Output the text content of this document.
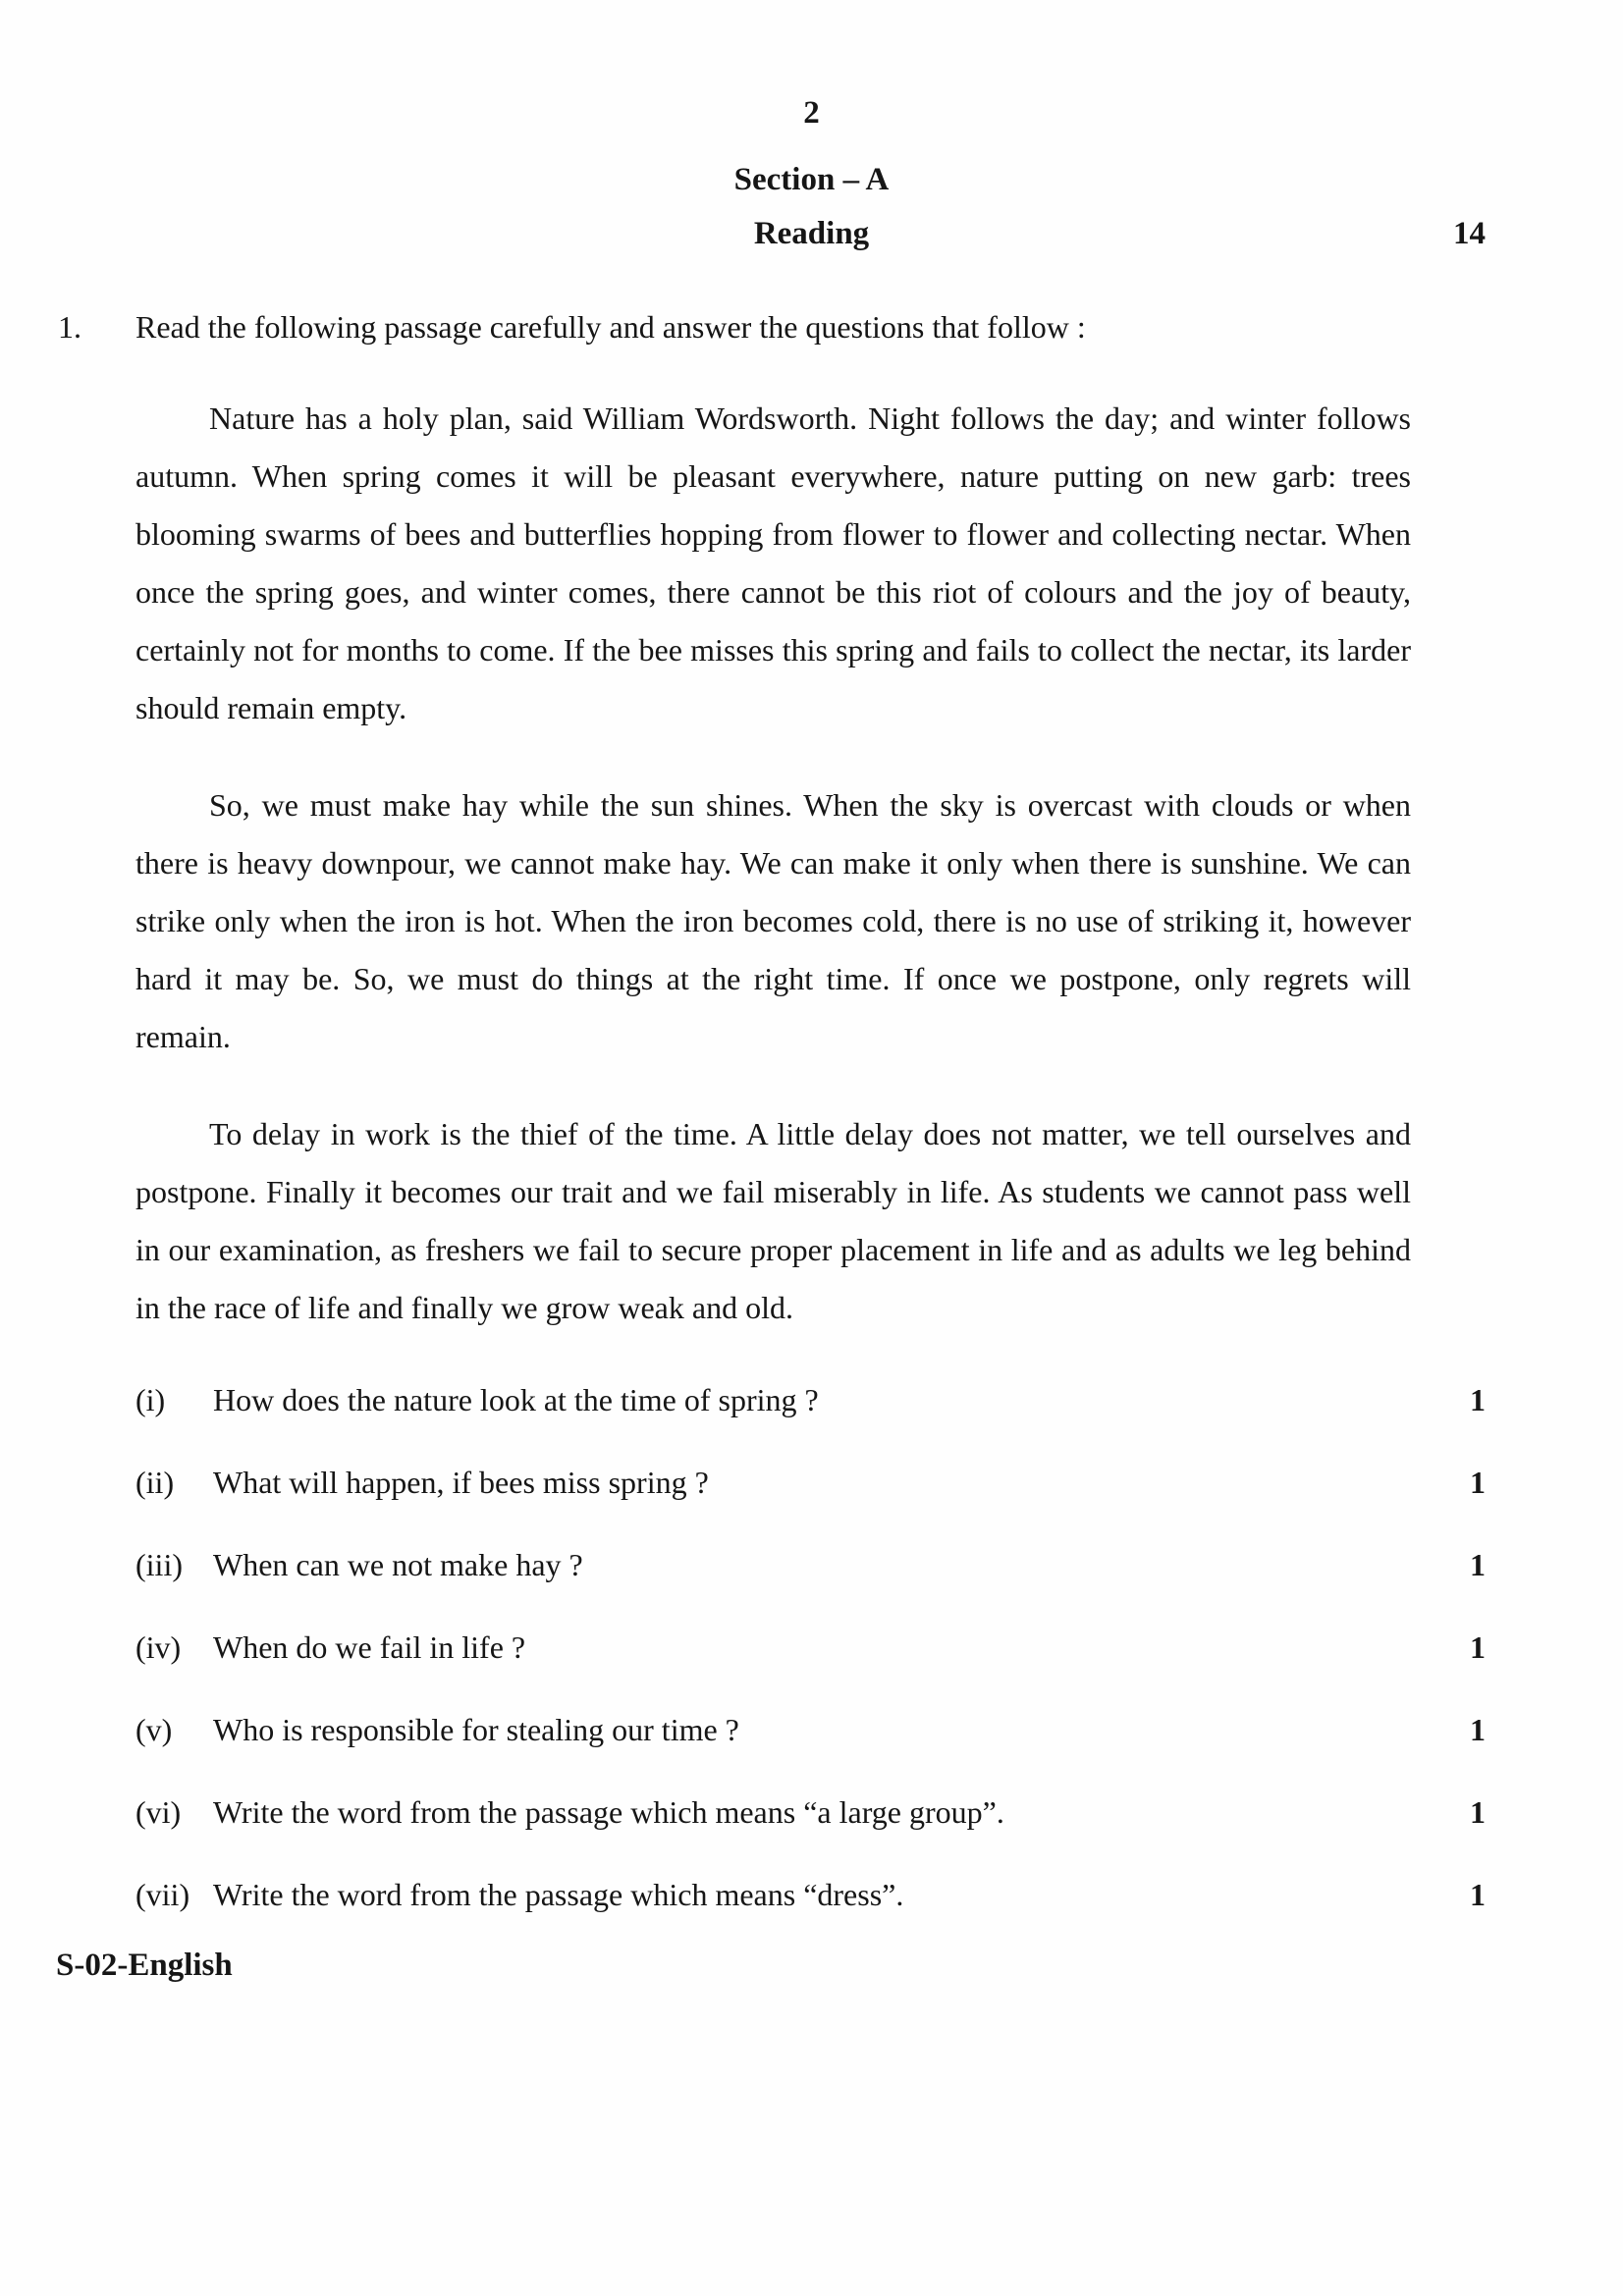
2
Section – A
Reading	14
1.	Read the following passage carefully and answer the questions that follow :

Nature has a holy plan, said William Wordsworth. Night follows the day; and winter follows autumn. When spring comes it will be pleasant everywhere, nature putting on new garb: trees blooming swarms of bees and butterflies hopping from flower to flower and collecting nectar. When once the spring goes, and winter comes, there cannot be this riot of colours and the joy of beauty, certainly not for months to come. If the bee misses this spring and fails to collect the nectar, its larder should remain empty.

So, we must make hay while the sun shines. When the sky is overcast with clouds or when there is heavy downpour, we cannot make hay. We can make it only when there is sunshine. We can strike only when the iron is hot. When the iron becomes cold, there is no use of striking it, however hard it may be. So, we must do things at the right time. If once we postpone, only regrets will remain.

To delay in work is the thief of the time. A little delay does not matter, we tell ourselves and postpone. Finally it becomes our trait and we fail miserably in life. As students we cannot pass well in our examination, as freshers we fail to secure proper placement in life and as adults we leg behind in the race of life and finally we grow weak and old.

(i)	How does the nature look at the time of spring ?	1
(ii)	What will happen, if bees miss spring ?	1
(iii) When can we not make hay ?	1
(iv)	When do we fail in life ?	1
(v)	Who is responsible for stealing our time ?	1
(vi)	Write the word from the passage which means “a large group”.	1
(vii) Write the word from the passage which means “dress”.	1
S-02-English
